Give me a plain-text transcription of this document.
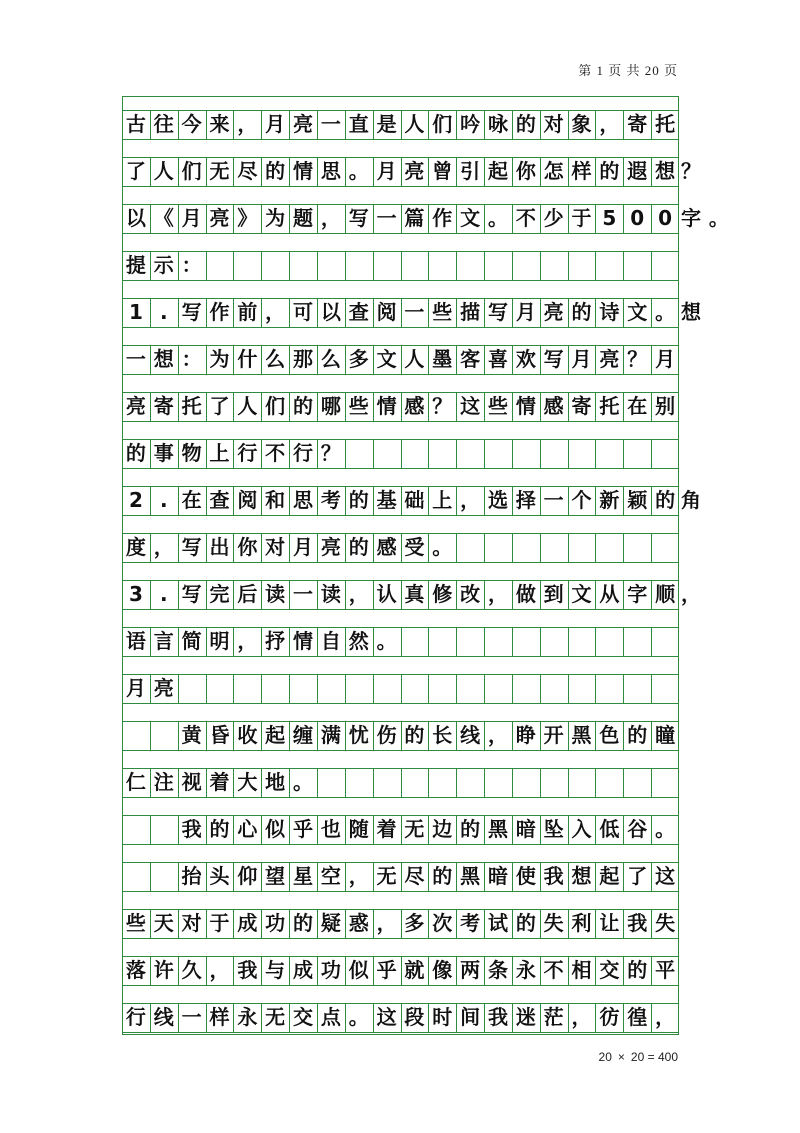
第 1 页 共 20 页
古 往 今 来 ， 月 亮 一 直 是 人 们 吟 咏 的 对 象 ， 寄 托
了 人 们 无 尽 的 情 思 。 月 亮 曾 引 起 你 怎 样 的 遐 想 ？
以 《 月 亮 》 为 题 ， 写 一 篇 作 文 。 不 少 于 5 0 0 字 。
提 示 ：
1 . 写 作 前 ， 可 以 查 阅 一 些 描 写 月 亮 的 诗 文 。 想
一 想 ： 为 什 么 那 么 多 文 人 墨 客 喜 欢 写 月 亮 ？ 月
亮 寄 托 了 人 们 的 哪 些 情 感 ？ 这 些 情 感 寄 托 在 别
的 事 物 上 行 不 行 ？
2 . 在 查 阅 和 思 考 的 基 础 上 ， 选 择 一 个 新 颖 的 角
度 ， 写 出 你 对 月 亮 的 感 受 。
3 . 写 完 后 读 一 读 ， 认 真 修 改 ， 做 到 文 从 字 顺 ，
语 言 简 明 ， 抒 情 自 然 。
月 亮
黄 昏 收 起 缠 满 忧 伤 的 长 线 ， 睁 开 黑 色 的 瞳
仁 注 视 着 大 地 。
我 的 心 似 乎 也 随 着 无 边 的 黑 暗 坠 入 低 谷 。
抬 头 仰 望 星 空 ， 无 尽 的 黑 暗 使 我 想 起 了 这
些 天 对 于 成 功 的 疑 惑 ， 多 次 考 试 的 失 利 让 我 失
落 许 久 ， 我 与 成 功 似 乎 就 像 两 条 永 不 相 交 的 平
行 线 一 样 永 无 交 点 。 这 段 时 间 我 迷 茫 ， 彷 徨 ，
20 × 20 = 400
